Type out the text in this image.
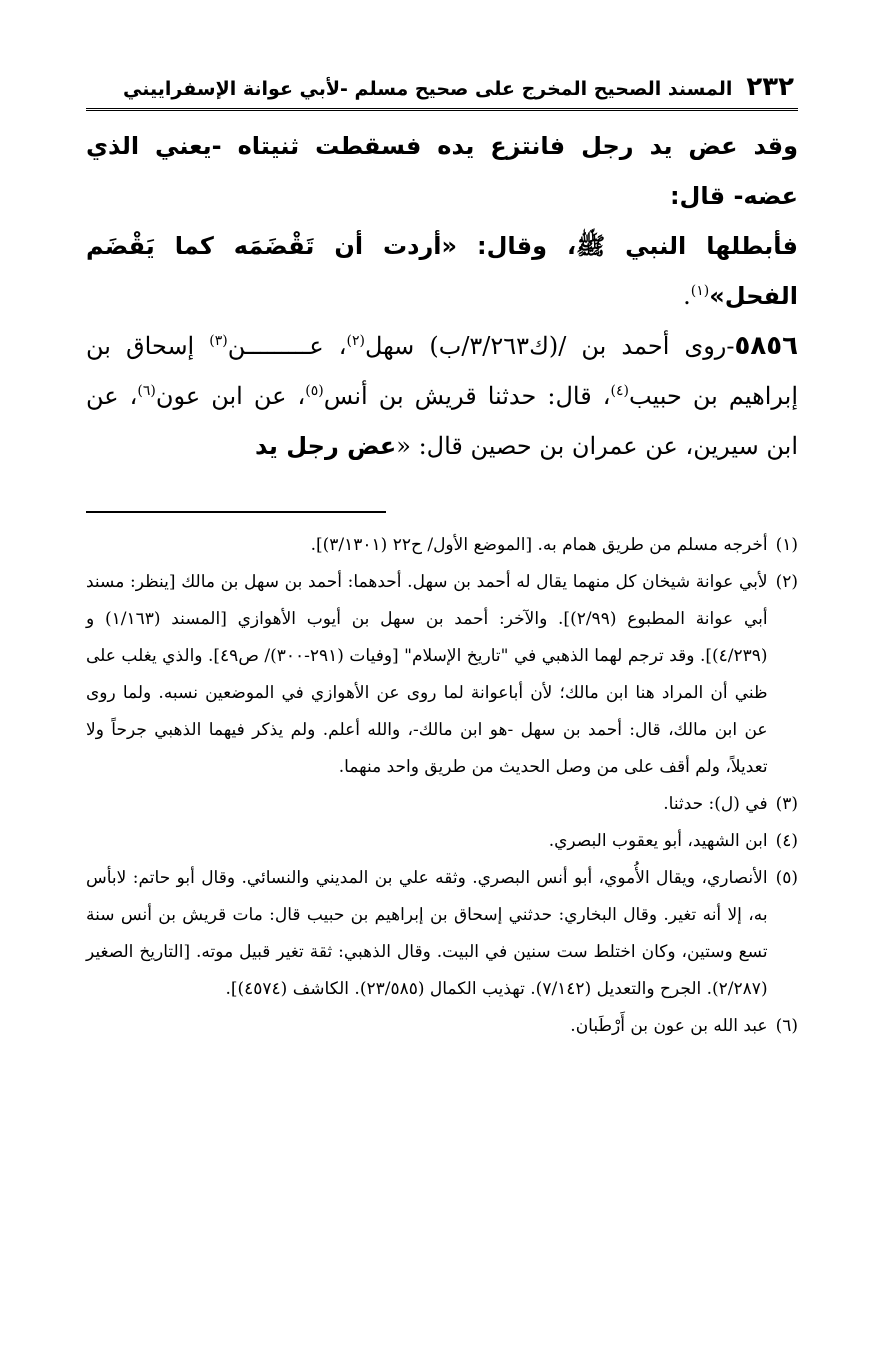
٢٣٢
المسند الصحيح المخرج على صحيح مسلم -لأبي عوانة الإسفراييني

وقد عض يد رجل فانتزع يده فسقطت ثنيتاه -يعني الذي عضه- قال:

فأبطلها النبي ﷺ، وقال: «أردت أن تَقْضَمَه كما يَقْضَم الفحل»$^{(١)}$.

٥٨٥٦-روى أحمد بن /(ك٣/٢٦٣/ب) سهل$^{(٢)}$، عـــــــــن$^{(٣)}$ إسحاق بن إبراهيم بن حبيب$^{(٤)}$، قال: حدثنا قريش بن أنس$^{(٥)}$، عن ابن عون$^{(٦)}$، عن ابن سيرين، عن عمران بن حصين قال: «عض رجل يد

(١)
أخرجه مسلم من طريق همام به. [الموضع الأول/ ح٢٢ (٣/١٣٠١)].
(٢)
لأبي عوانة شيخان كل منهما يقال له أحمد بن سهل. أحدهما: أحمد بن سهل بن مالك [ينظر: مسند أبي عوانة المطبوع (٢/٩٩)]. والآخر: أحمد بن سهل بن أيوب الأهوازي [المسند (١/١٦٣) و (٤/٢٣٩)]. وقد ترجم لهما الذهبي في "تاريخ الإسلام" [وفيات (٢٩١-٣٠٠)/ ص٤٩]. والذي يغلب على ظني أن المراد هنا ابن مالك؛ لأن أباعوانة لما روى عن الأهوازي في الموضعين نسبه. ولما روى عن ابن مالك، قال: أحمد بن سهل -هو ابن مالك-، والله أعلم. ولم يذكر فيهما الذهبي جرحاً ولا تعديلاً، ولم أقف على من وصل الحديث من طريق واحد منهما.
(٣)
في (ل): حدثنا.
(٤)
ابن الشهيد، أبو يعقوب البصري.
(٥)
الأنصاري، ويقال الأُموي، أبو أنس البصري. وثقه علي بن المديني والنسائي. وقال أبو حاتم: لابأس به، إلا أنه تغير. وقال البخاري: حدثني إسحاق بن إبراهيم بن حبيب قال: مات قريش بن أنس سنة تسع وستين، وكان اختلط ست سنين في البيت. وقال الذهبي: ثقة تغير قبيل موته. [التاريخ الصغير (٢/٢٨٧). الجرح والتعديل (٧/١٤٢). تهذيب الكمال (٢٣/٥٨٥). الكاشف (٤٥٧٤)].
(٦)
عبد الله بن عون بن أَرْطَبان.
